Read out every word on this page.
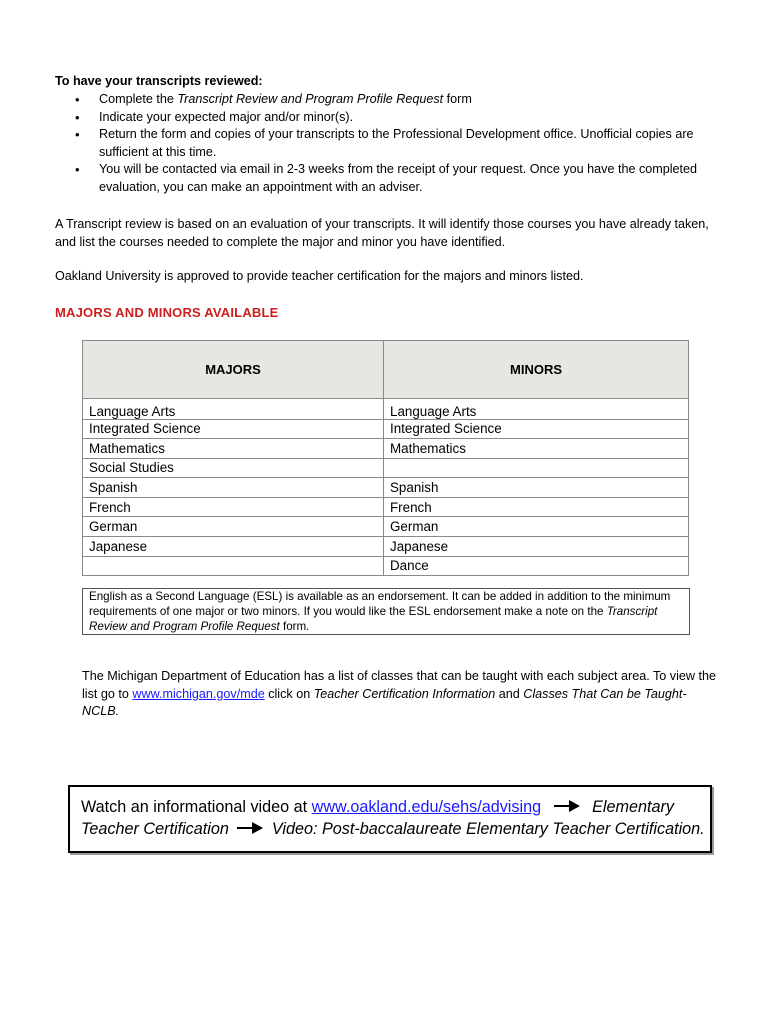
To have your transcripts reviewed:
• Complete the Transcript Review and Program Profile Request form
• Indicate your expected major and/or minor(s).
• Return the form and copies of your transcripts to the Professional Development office. Unofficial copies are sufficient at this time.
• You will be contacted via email in 2-3 weeks from the receipt of your request. Once you have the completed evaluation, you can make an appointment with an adviser.
A Transcript review is based on an evaluation of your transcripts. It will identify those courses you have already taken, and list the courses needed to complete the major and minor you have identified.
Oakland University is approved to provide teacher certification for the majors and minors listed.
MAJORS AND MINORS AVAILABLE
MAJORS	MINORS
Language Arts	Language Arts
Integrated Science	Integrated Science
Mathematics	Mathematics
Social Studies	
Spanish	Spanish
French	French
German	German
Japanese	Japanese
	Dance
English as a Second Language (ESL) is available as an endorsement. It can be added in addition to the minimum requirements of one major or two minors. If you would like the ESL endorsement make a note on the Transcript Review and Program Profile Request form.
The Michigan Department of Education has a list of classes that can be taught with each subject area. To view the list go to www.michigan.gov/mde click on Teacher Certification Information and Classes That Can be Taught-NCLB.
Watch an informational video at www.oakland.edu/sehs/advising	Elementary
Teacher Certification	Video: Post-baccalaureate Elementary Teacher Certification.
